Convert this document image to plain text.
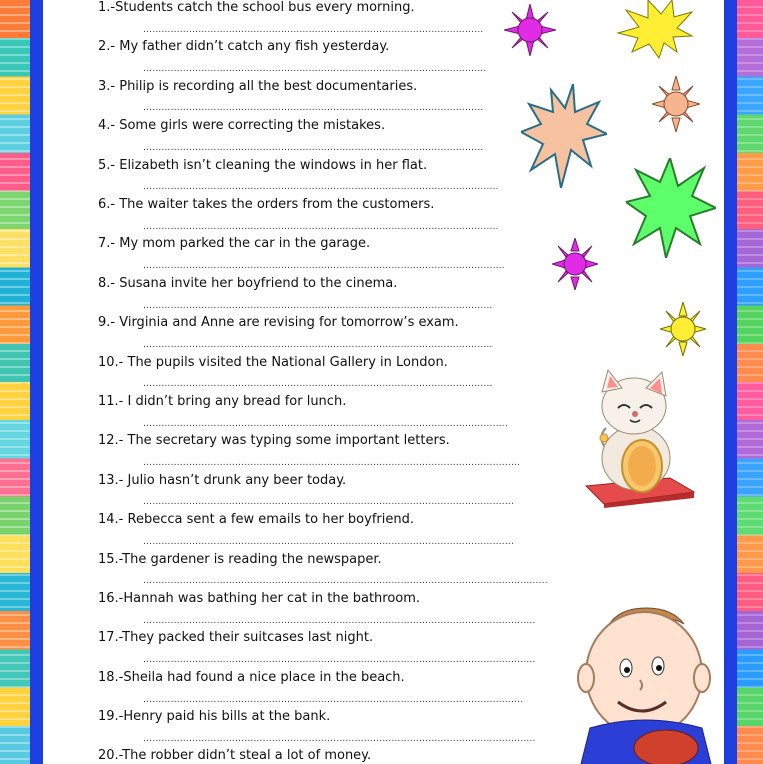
1.-Students catch the school bus every morning.
…………………………………………………………………………………………………
2.- My father didn’t catch any fish yesterday.
………………………………………………………………………………………………….
3.- Philip is recording all the best documentaries.
…………………………………………………………………………………………………
4.- Some girls were correcting the mistakes.
…………………………………………………………………………………………………
5.- Elizabeth isn’t cleaning the windows in her flat.
……………………………………………………………………………………………………..
6.- The waiter takes the orders from the customers.
……………………………………………………………………………………………………..
7.- My mom parked the car in the garage.
……………………………………………………………………………………………………….
8.- Susana invite her boyfriend to the cinema.
……………………………………………………………………………………………………
9.- Virginia and Anne are revising for tomorrow’s exam.
……………………………………………………………………………………………………
10.- The pupils visited the National Gallery in London.
……………………………………………………………………………………………………
11.- I didn’t bring any bread for lunch.
………………………………………………………………………………………………………..
12.- The secretary was typing some important letters.
……………………………………………………………………………………………………………
13.- Julio hasn’t drunk any beer today.
………………………………………………………………………………………………………….
14.- Rebecca sent a few emails to her boyfriend.
………………………………………………………………………………………………………….
15.-The gardener is reading the newspaper.
……………………………………………………………………………………………………………………
16.-Hannah was bathing her cat in the bathroom.
………………………………………………………………………………………………………………..
17.-They packed their suitcases last night.
………………………………………………………………………………………………………………..
18.-Sheila had found a nice place in the beach.
…………………………………………………………………………………………………………….
19.-Henry paid his bills at the bank.
………………………………………………………………………………………………………………..
20.-The robber didn’t steal a lot of money.
